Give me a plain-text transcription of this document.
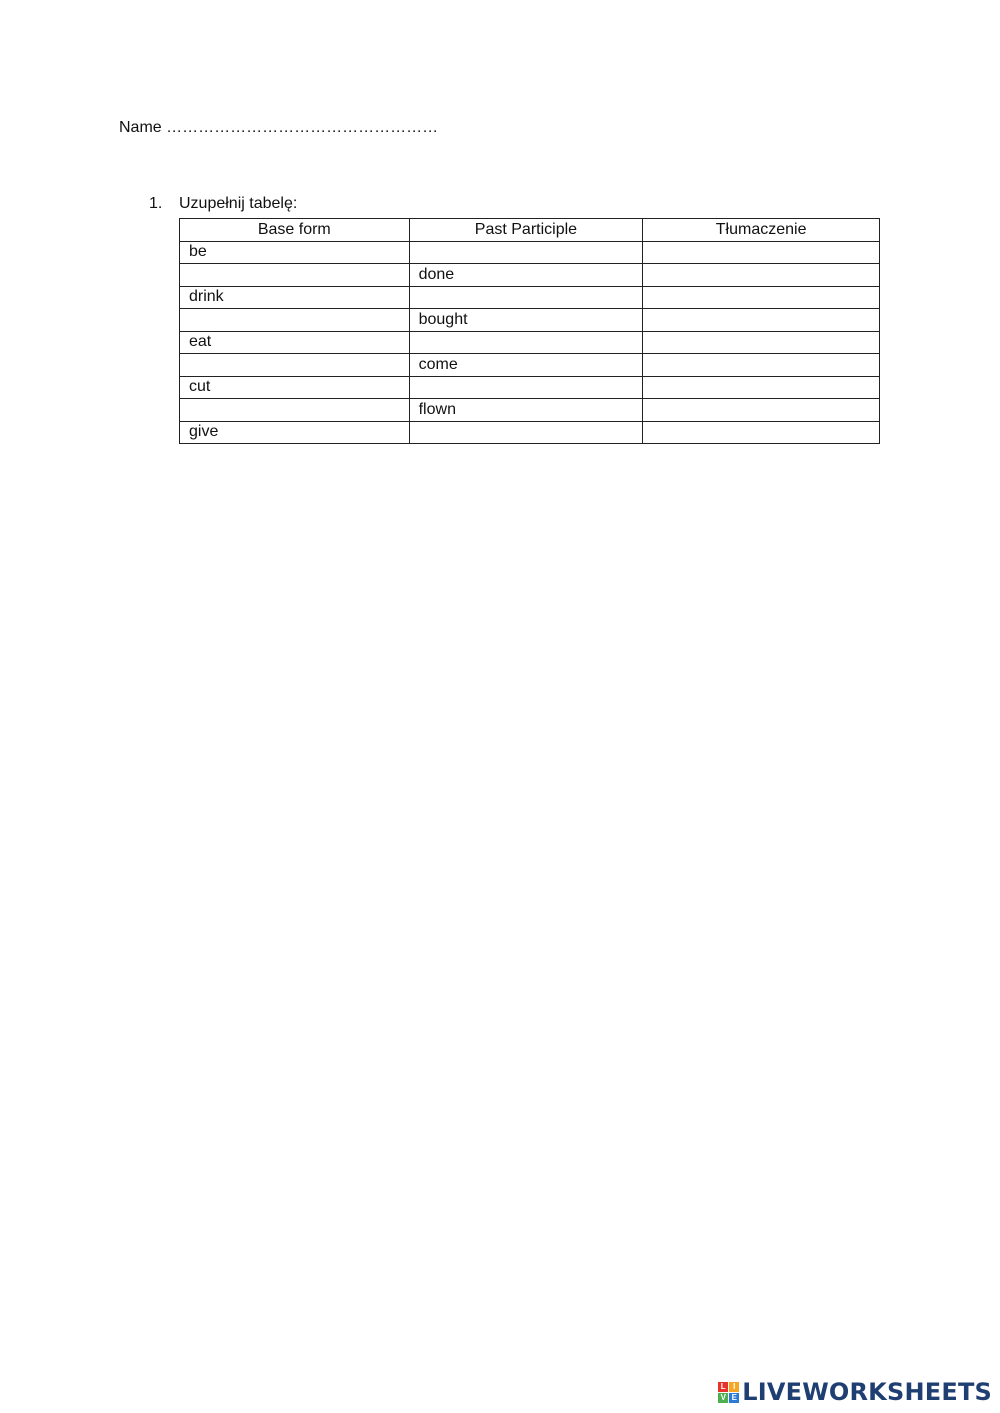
Name ……………………………………………
1. Uzupełnij tabelę:
Base form	Past Participle	Tłumaczenie
be		
	done	
drink		
	bought	
eat		
	come	
cut		
	flown	
give		
L I
V E LIVEWORKSHEETS
